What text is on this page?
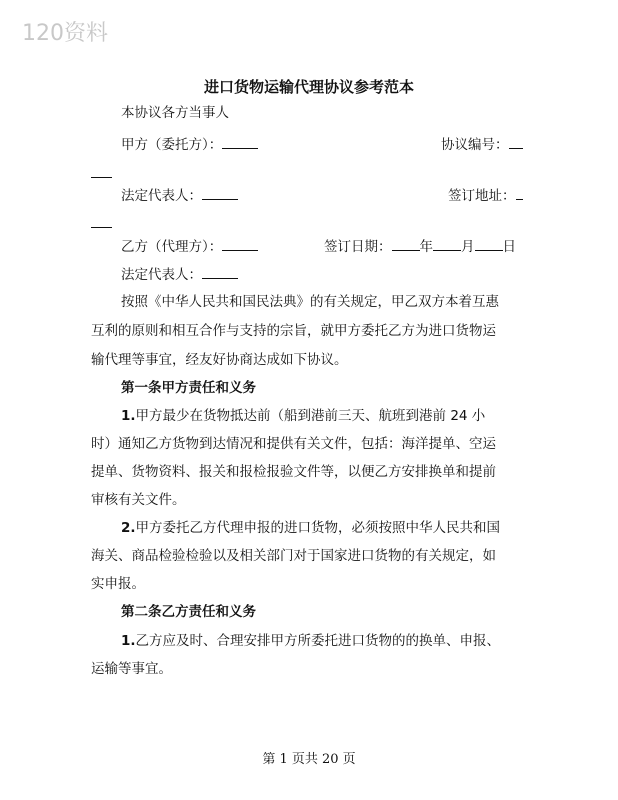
120资料
进口货物运输代理协议参考范本
本协议各方当事人
甲方（委托方）：	协议编号：
法定代表人：	签订地址：
乙方（代理方）：	签订日期： 年 月 日
法定代表人：
按照《中华人民共和国民法典》的有关规定，甲乙双方本着互惠
互利的原则和相互合作与支持的宗旨，就甲方委托乙方为进口货物运
输代理等事宜，经友好协商达成如下协议。
第一条甲方责任和义务
1.甲方最少在货物抵达前（船到港前三天、航班到港前 24 小
时）通知乙方货物到达情况和提供有关文件，包括：海洋提单、空运
提单、货物资料、报关和报检报验文件等，以便乙方安排换单和提前
审核有关文件。
2.甲方委托乙方代理申报的进口货物，必须按照中华人民共和国
海关、商品检验检验以及相关部门对于国家进口货物的有关规定，如
实申报。
第二条乙方责任和义务
1.乙方应及时、合理安排甲方所委托进口货物的的换单、申报、
运输等事宜。
第 1 页共 20 页
